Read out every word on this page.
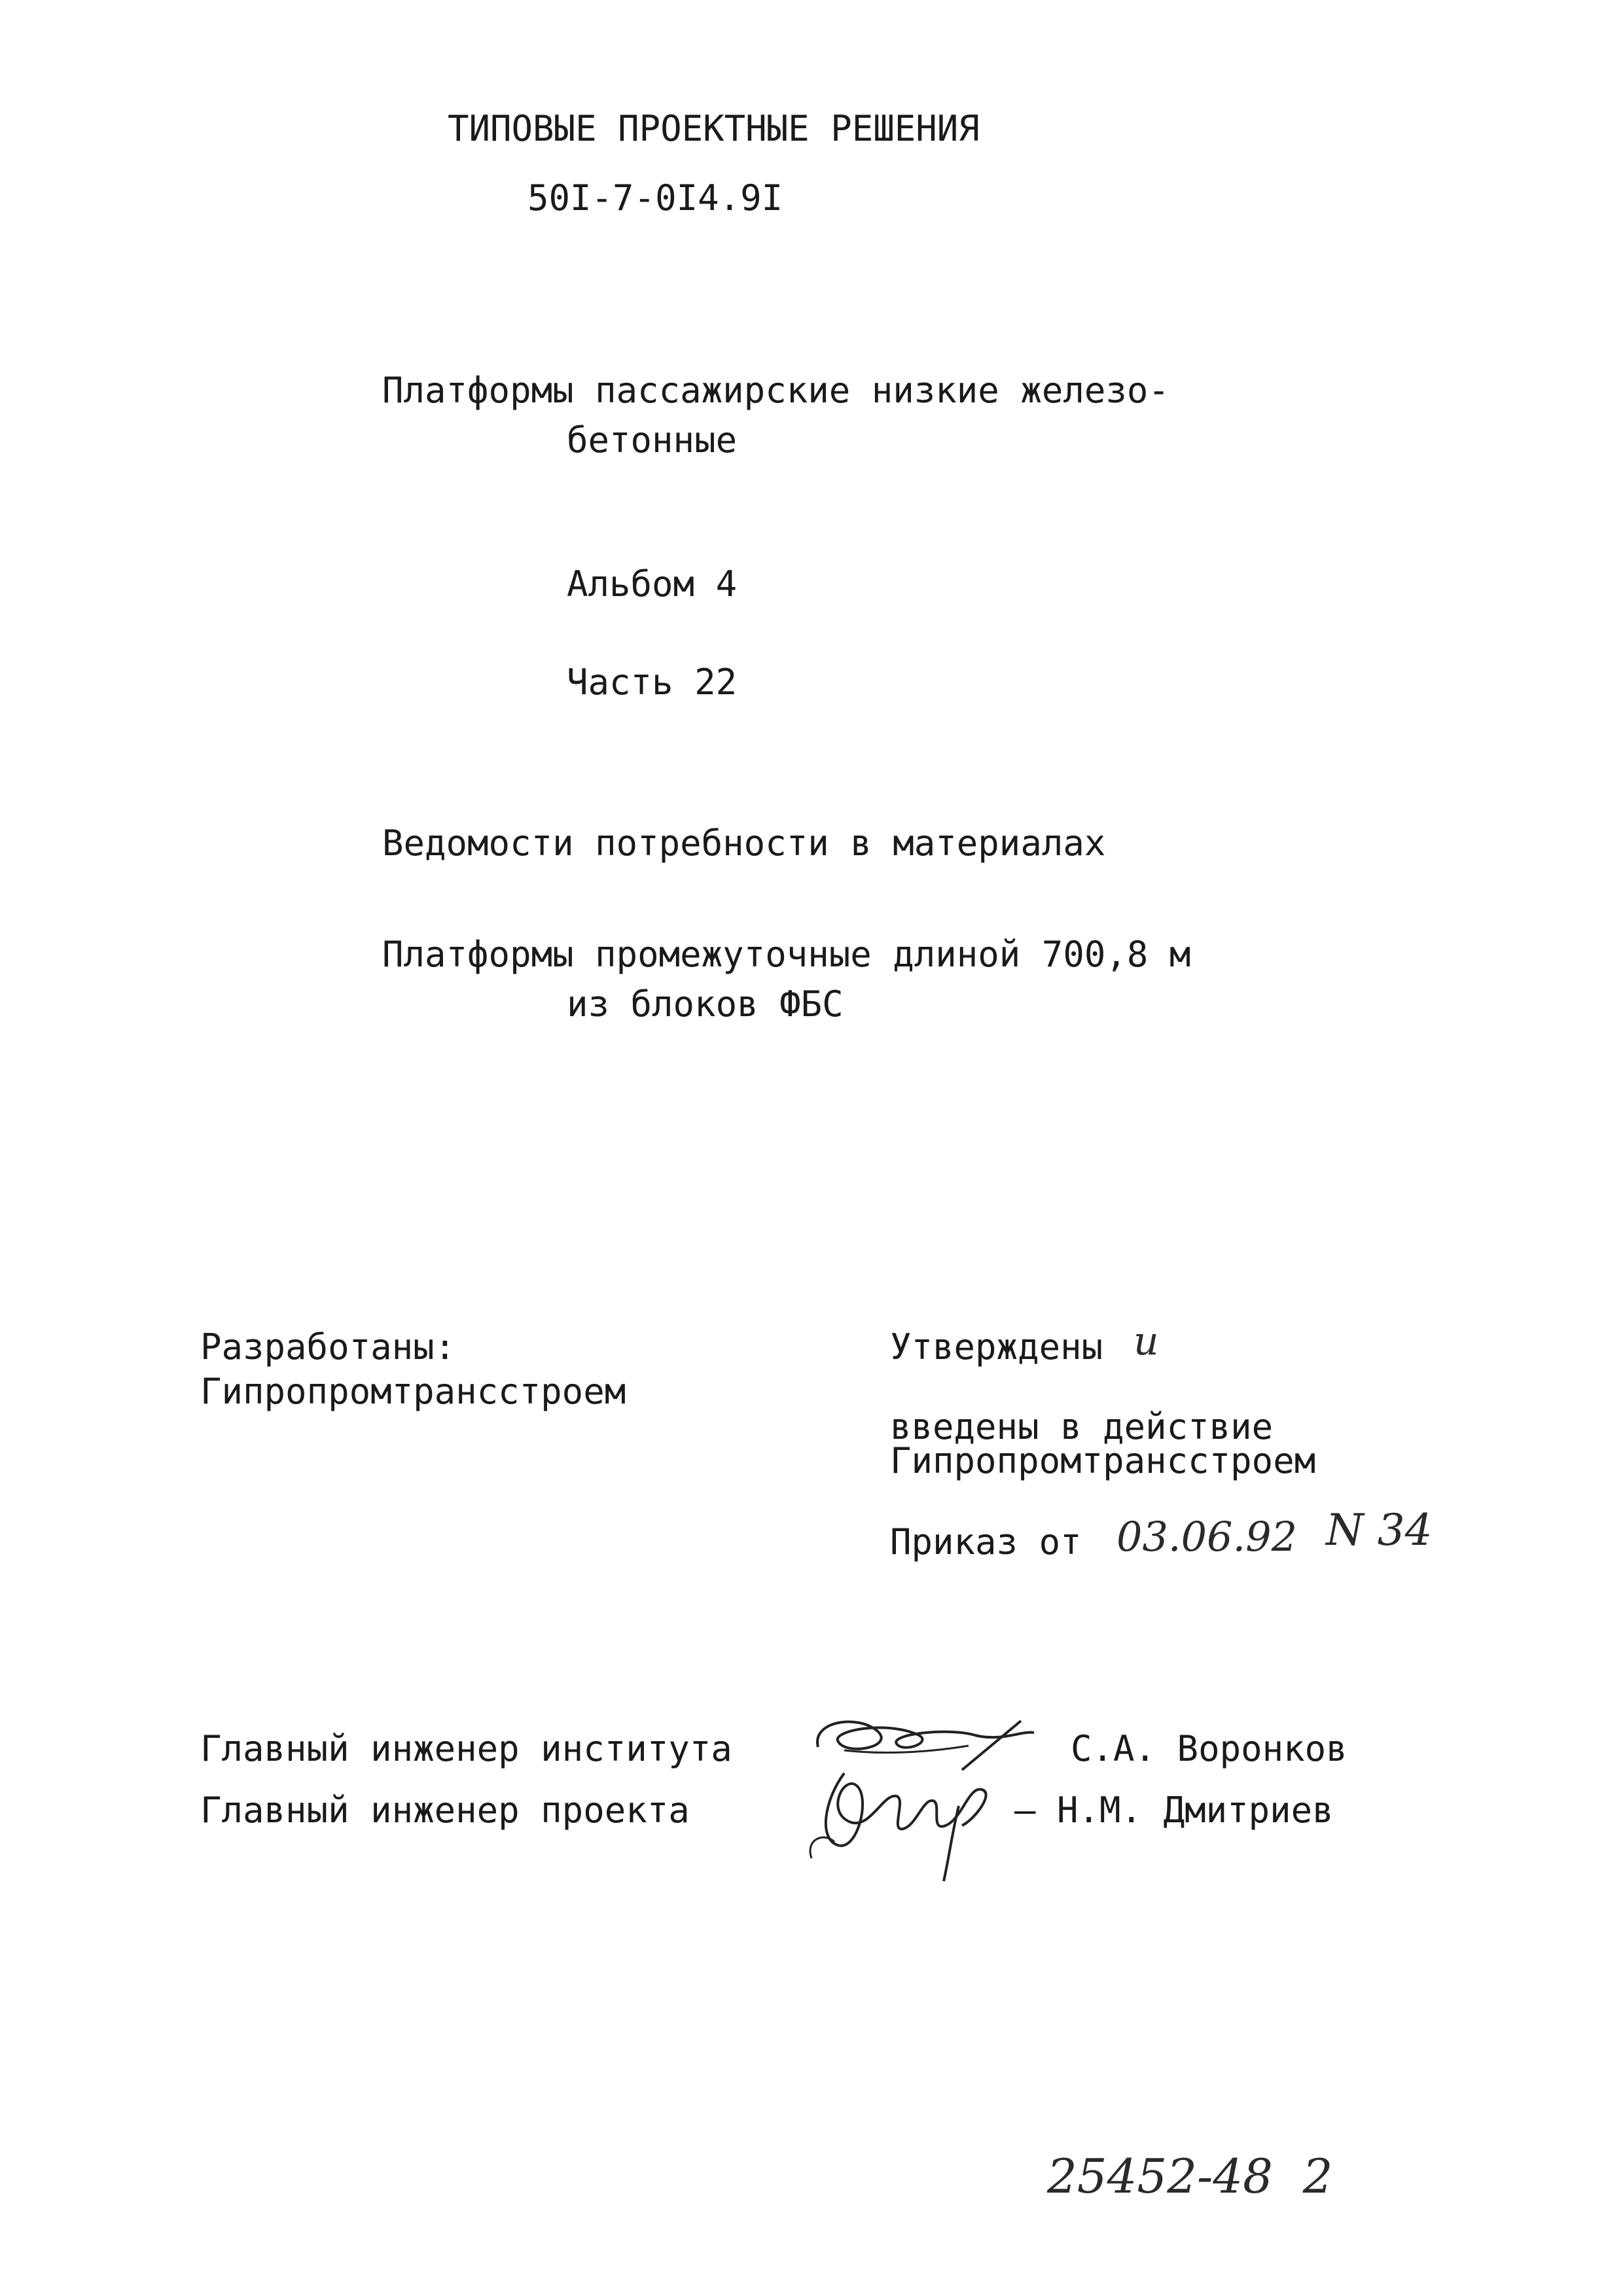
ТИПОВЫЕ ПРОЕКТНЫЕ РЕШЕНИЯ
50I-7-0I4.9I
Платформы пассажирские низкие железо-
бетонные
Альбом 4
Часть 22
Ведомости потребности в материалах
Платформы промежуточные длиной 700,8 м
из блоков ФБС
Разработаны:
Гипропромтрансстроем
Утверждены и
введены в действие
Гипропромтрансстроем
Приказ от 03.06.92 N 34
Главный инженер института	С.А. Воронков
Главный инженер проекта	– Н.М. Дмитриев
25452-48  2
